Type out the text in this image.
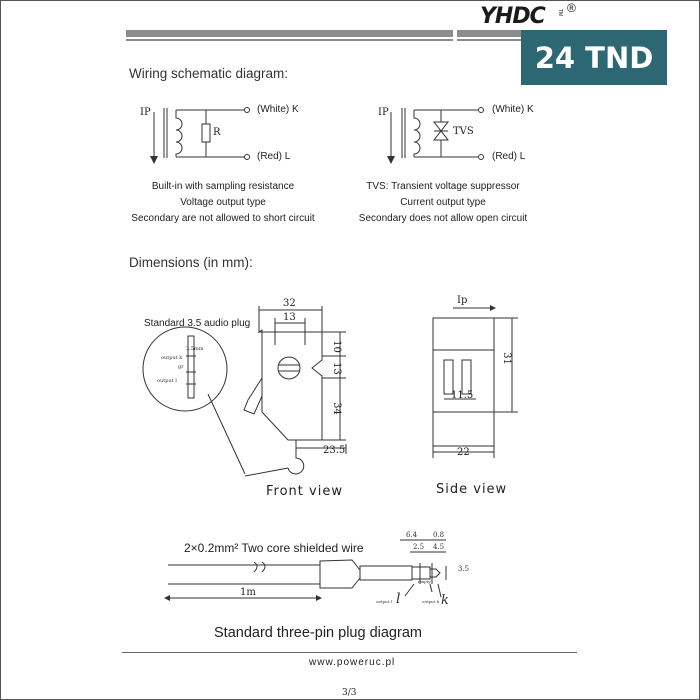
YHDC TM ®
24 TND
Wiring schematic diagram:
IP
R
(White) K
(Red) L
Built-in with sampling resistance
Voltage output type
Secondary are not allowed to short circuit
IP
TVS
(White) K
(Red) L
TVS: Transient voltage suppressor
Current output type
Secondary does not allow open circuit
Dimensions (in mm):
Standard 3.5 audio plug
3.5mm
output k
gr
output l
32
13
10
13
34
23.5
Front view
Ip
31
11.5
22
Side view
2×0.2mm² Two core shielded wire
1m
6.4 0.8
2.5 4.5
3.5
empty
output l l	output k k
Standard three-pin plug diagram
www.poweruc.pl
3/3
